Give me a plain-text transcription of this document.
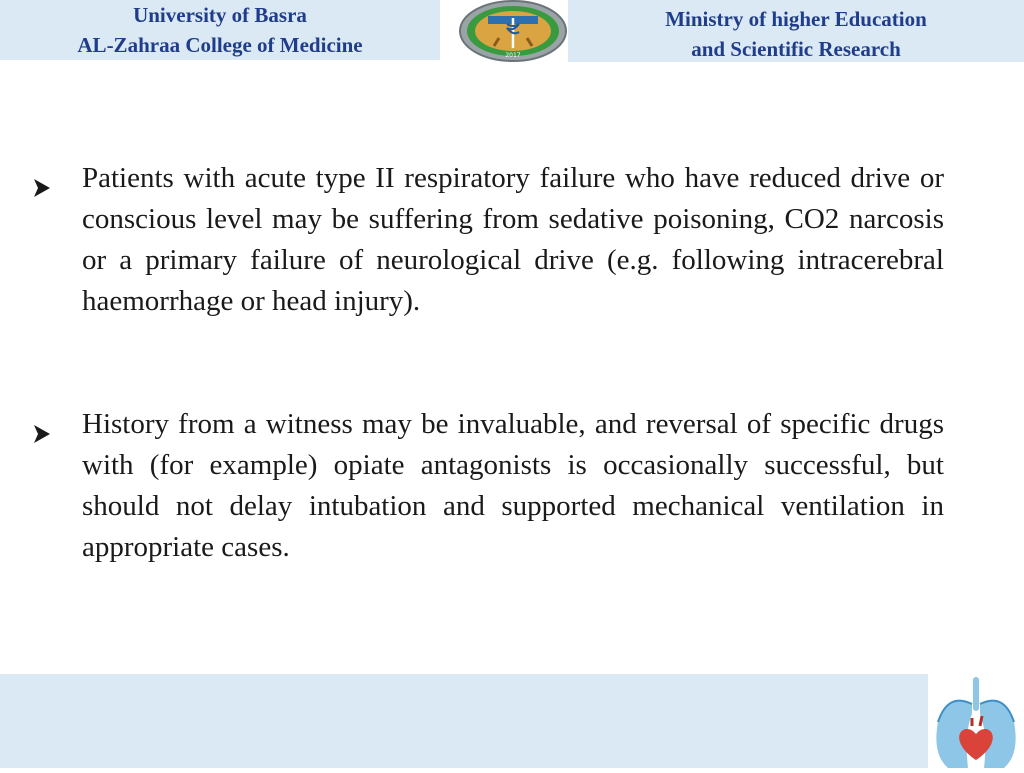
University of Basra
AL-Zahraa College of Medicine	2017
Ministry of higher Education
and Scientific Research
Patients with acute type II respiratory failure who have reduced drive or conscious level may be suffering from sedative poisoning, CO2 narcosis or a primary failure of neurological drive (e.g. following intracerebral haemorrhage or head injury).
History from a witness may be invaluable, and reversal of specific drugs with (for example) opiate antagonists is occasionally successful, but should not delay intubation and supported mechanical ventilation in appropriate cases.
